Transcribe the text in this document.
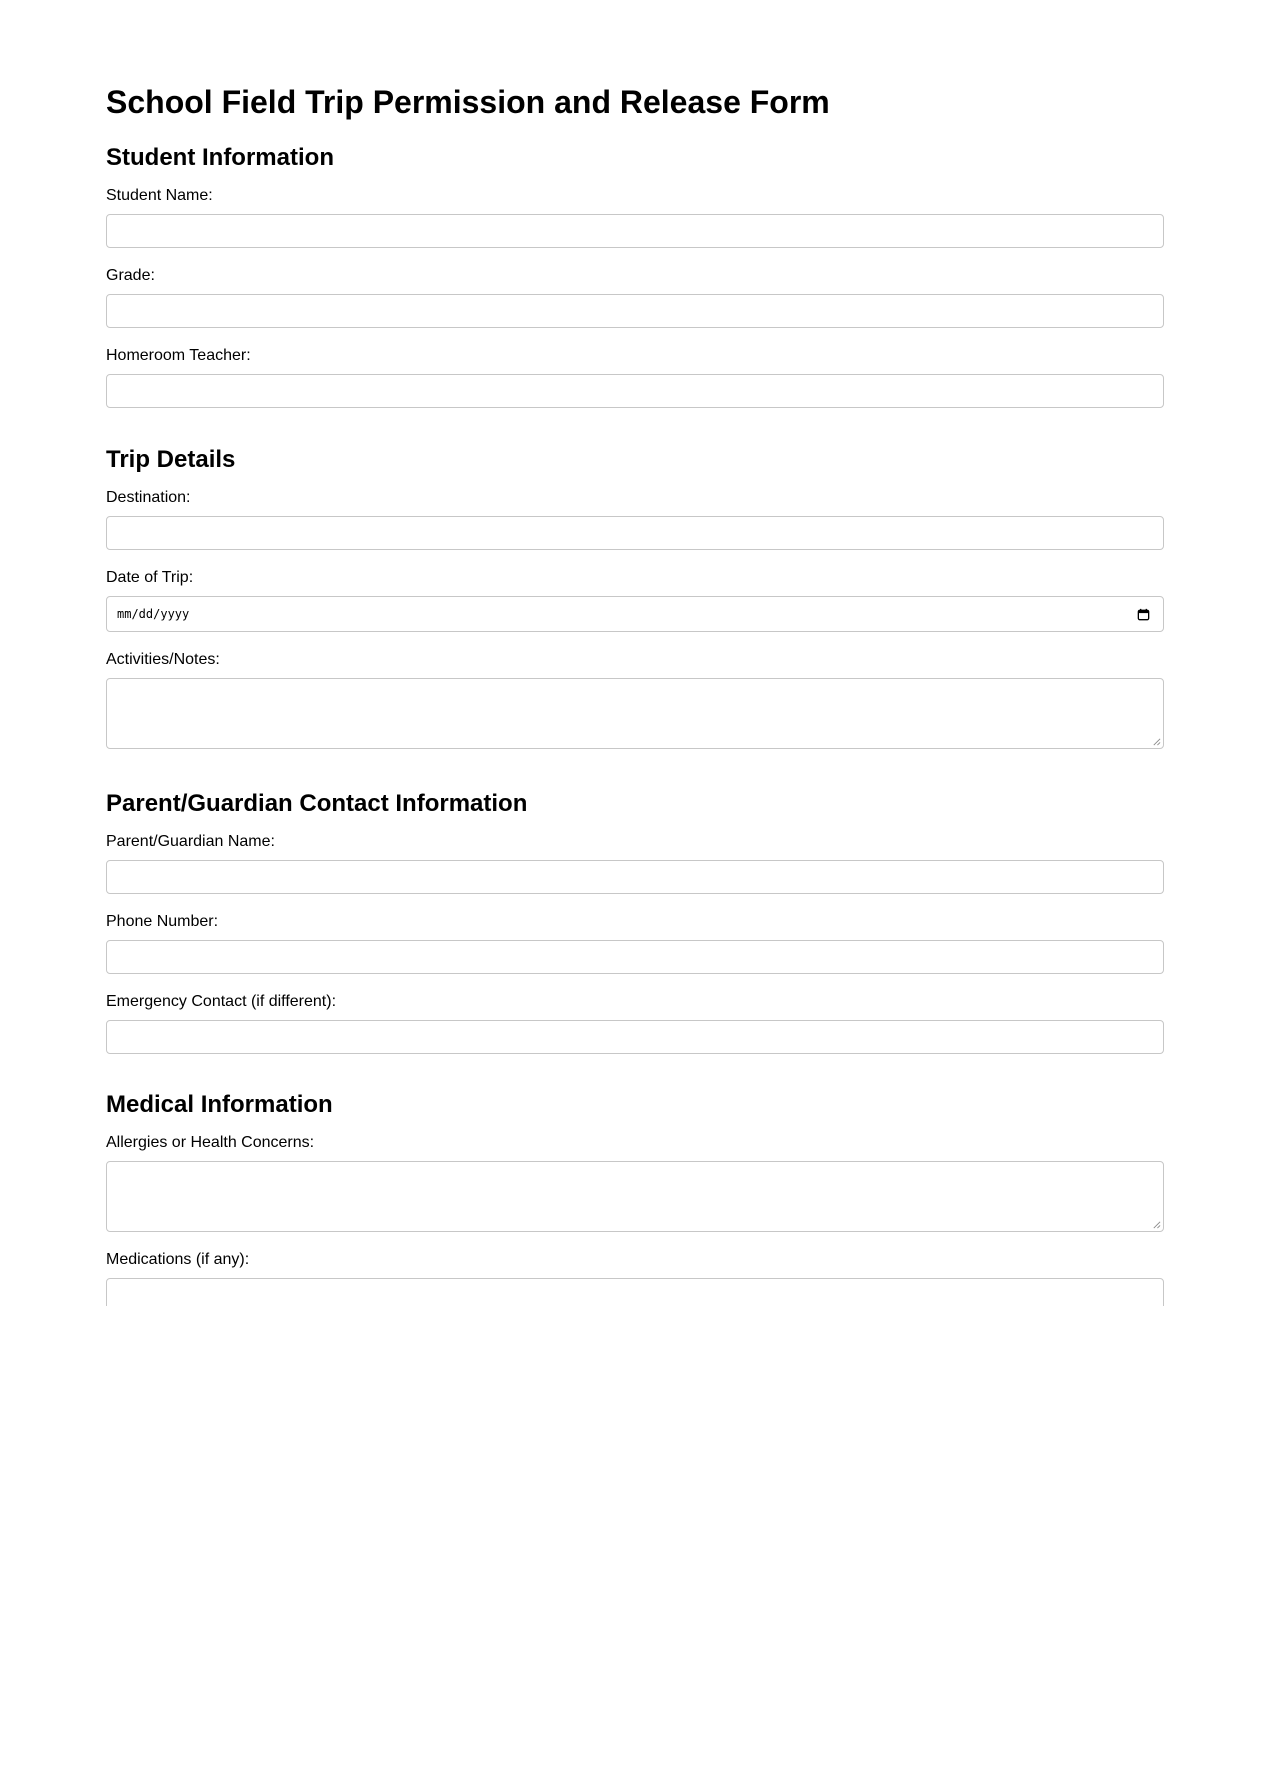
School Field Trip Permission and Release Form
Student Information
Student Name:
Grade:
Homeroom Teacher:
Trip Details
Destination:
Date of Trip:
mm/dd/yyyy
Activities/Notes:
Parent/Guardian Contact Information
Parent/Guardian Name:
Phone Number:
Emergency Contact (if different):
Medical Information
Allergies or Health Concerns:
Medications (if any):
